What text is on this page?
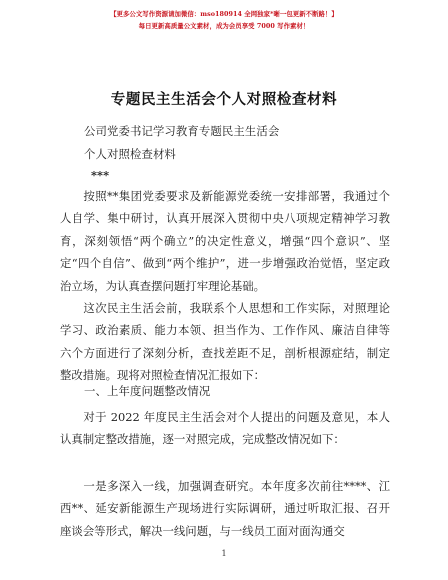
【更多公文写作资源请加微信：mso180914 全网独家*晰一包更新不断路！】
每日更新高质量公文素材，成为会员享受 7000 写作素材！
专题民主生活会个人对照检查材料
公司党委书记学习教育专题民主生活会
个人对照检查材料
***
按照**集团党委要求及新能源党委统一安排部署，我通过个人自学、集中研讨，认真开展深入贯彻中央八项规定精神学习教育，深刻领悟“两个确立”的决定性意义，增强“四个意识”、坚定“四个自信”、做到“两个维护”，进一步增强政治觉悟，坚定政治立场，为认真查摆问题打牢理论基础。
这次民主生活会前，我联系个人思想和工作实际，对照理论学习、政治素质、能力本领、担当作为、工作作风、廉洁自律等六个方面进行了深刻分析，查找差距不足，剖析根源症结，制定整改措施。现将对照检查情况汇报如下：
一、上年度问题整改情况
对于 2022 年度民主生活会对个人提出的问题及意见，本人认真制定整改措施，逐一对照完成，完成整改情况如下：
一是多深入一线，加强调查研究。本年度多次前往****、江西**、延安新能源生产现场进行实际调研，通过听取汇报、召开座谈会等形式，解决一线问题，与一线员工面对面沟通交
1
